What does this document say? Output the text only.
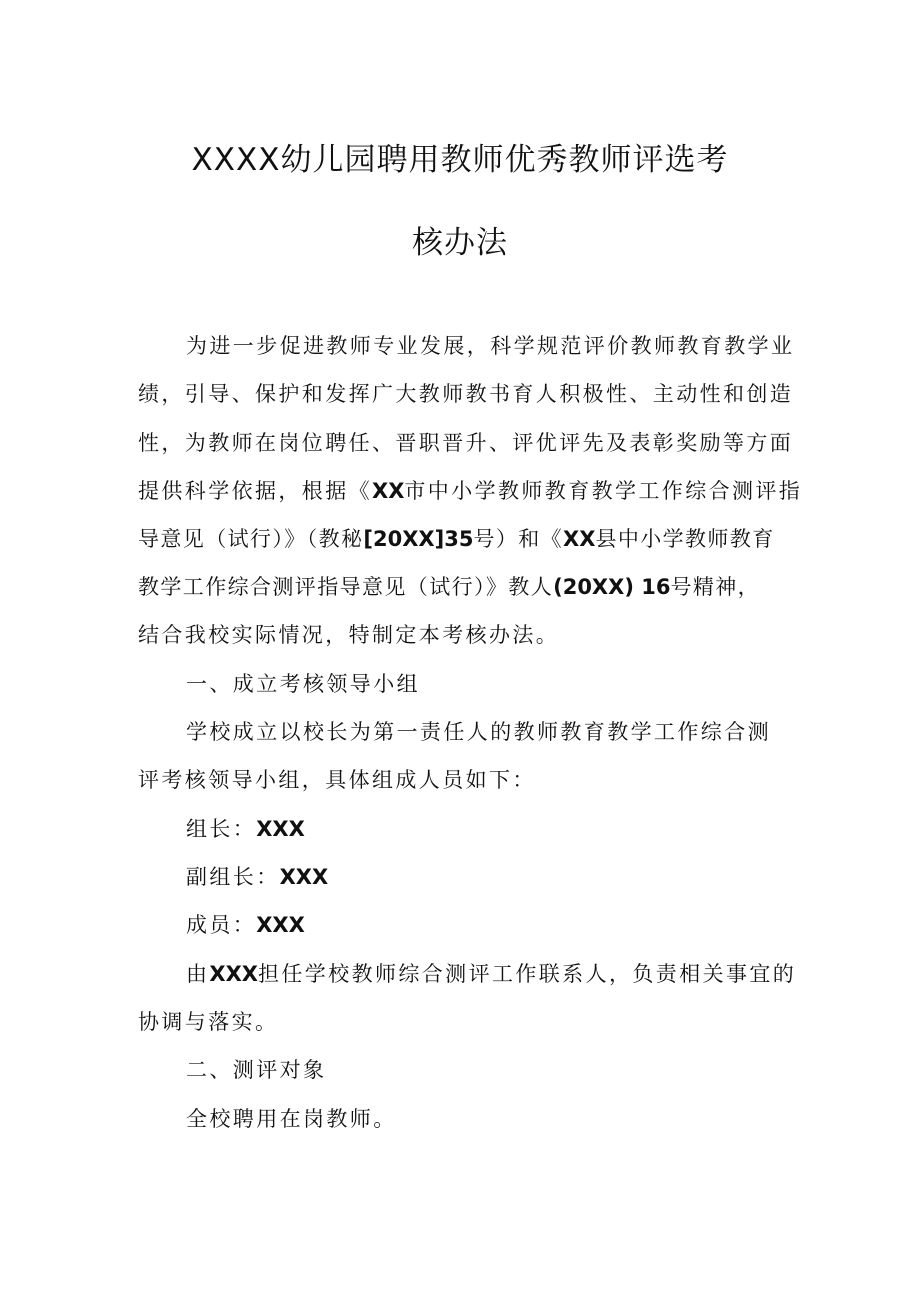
XXXX幼儿园聘用教师优秀教师评选考
核办法
为进一步促进教师专业发展，科学规范评价教师教育教学业
绩，引导、保护和发挥广大教师教书育人积极性、主动性和创造
性，为教师在岗位聘任、晋职晋升、评优评先及表彰奖励等方面
提供科学依据，根据《XX市中小学教师教育教学工作综合测评指
导意见（试行）》（教秘[20XX]35号）和《XX县中小学教师教育
教学工作综合测评指导意见（试行）》教人(20XX) 16号精神，
结合我校实际情况，特制定本考核办法。
一、成立考核领导小组
学校成立以校长为第一责任人的教师教育教学工作综合测
评考核领导小组，具体组成人员如下：
组长：XXX
副组长：XXX
成员：XXX
由XXX担任学校教师综合测评工作联系人，负责相关事宜的
协调与落实。
二、测评对象
全校聘用在岗教师。
